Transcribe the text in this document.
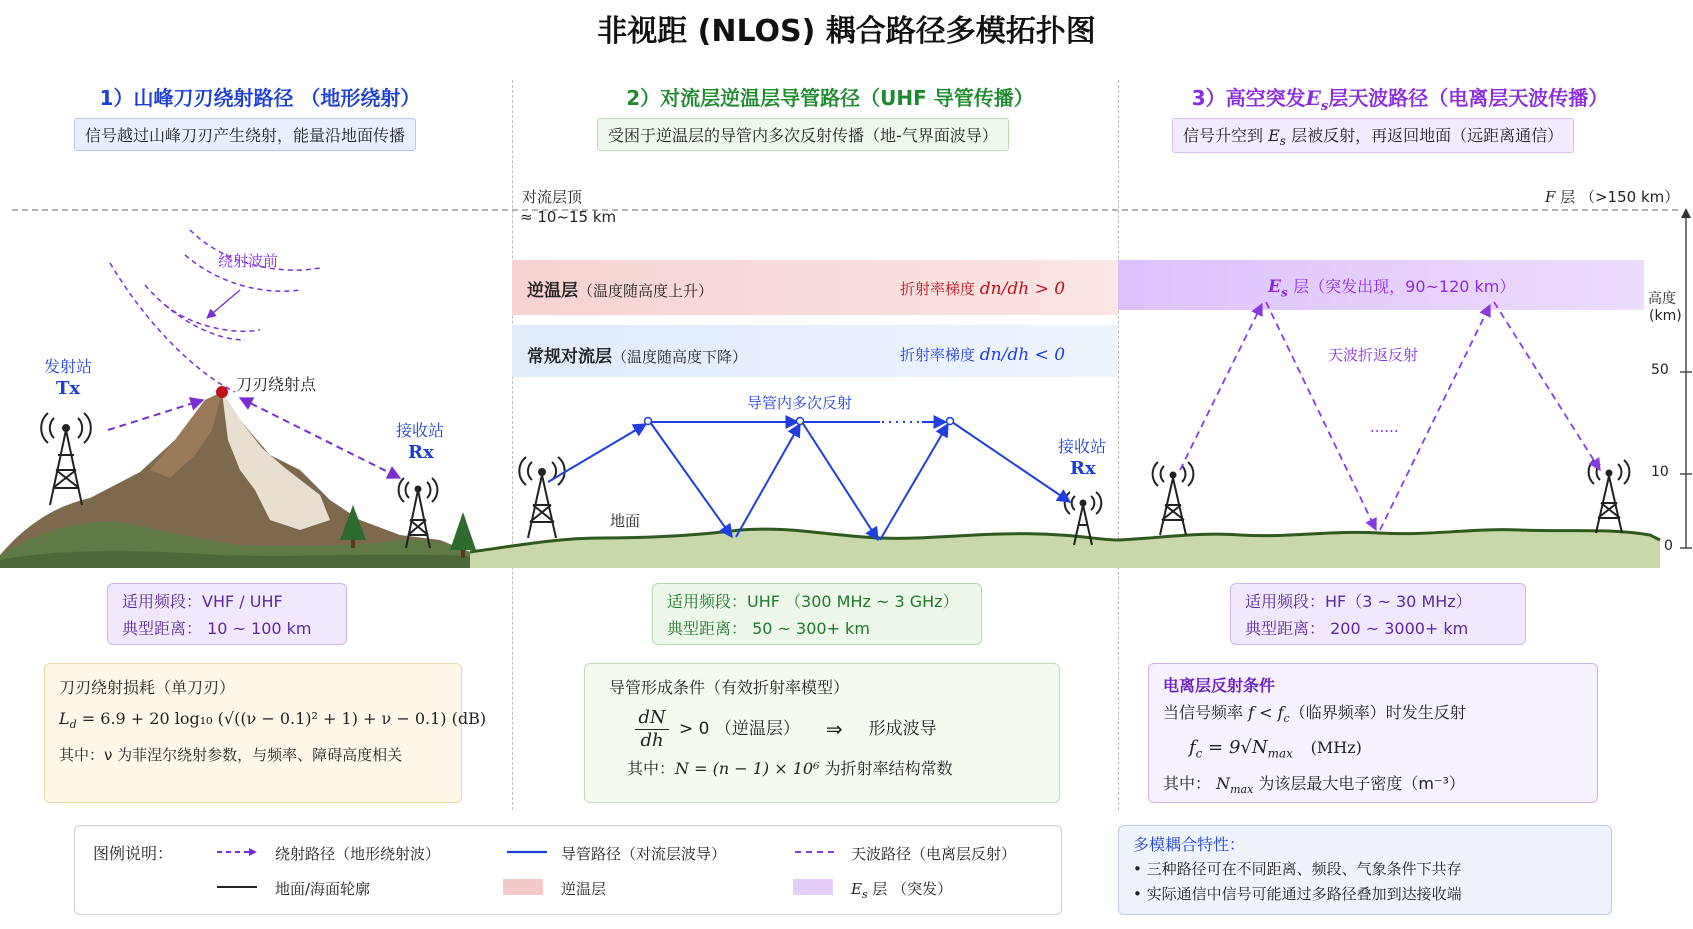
非视距 (NLOS) 耦合路径多模拓扑图
1）山峰刀刃绕射路径 （地形绕射）	2）对流层逆温层导管路径（UHF 导管传播）	3）高空突发$E_s$层天波路径（电离层天波传播）
信号越过山峰刀刃产生绕射，能量沿地面传播	受困于逆温层的导管内多次反射传播（地-气界面波导）	信号升空到 $E_s$ 层被反射，再返回地面（远距离通信）
对流层顶
≈ 10~15 km
F 层 （>150 km）
高度
(km)
50
10
0
绕射波前
发射站
Tx	刀刃绕射点
接收站
Rx
逆温层（温度随高度上升）	折射率梯度 dn/dh > 0
常规对流层（温度随高度下降）	折射率梯度 dn/dh < 0
导管内多次反射
地面
接收站
Rx
$E_s$ 层（突发出现，90~120 km）
天波折返反射
......
适用频段：VHF / UHF
典型距离： 10 ~ 100 km
适用频段：UHF （300 MHz ~ 3 GHz）
典型距离： 50 ~ 300+ km
适用频段：HF（3 ~ 30 MHz）
典型距离： 200 ~ 3000+ km
刀刃绕射损耗（单刀刃）
$L_d = 6.9 + 20$ log₁₀ (√((ν − 0.1)² + 1) + ν − 0.1) (dB)
其中：ν 为菲涅尔绕射参数，与频率、障碍高度相关
导管形成条件（有效折射率模型）
dN
dh
> 0 （逆温层） ⇒ 形成波导
其中：N = (n − 1) × 10⁶ 为折射率结构常数
电离层反射条件
当信号频率 $f < f_c$（临界频率）时发生反射
$f_c = 9√N_{max}$ (MHz)
其中： $N_{max}$ 为该层最大电子密度（m⁻³）
图例说明：	绕射路径（地形绕射波）	导管路径（对流层波导）	天波路径（电离层反射）
地面/海面轮廓	逆温层	$E_s$ 层 （突发）
多模耦合特性：
• 三种路径可在不同距离、频段、气象条件下共存
• 实际通信中信号可能通过多路径叠加到达接收端
